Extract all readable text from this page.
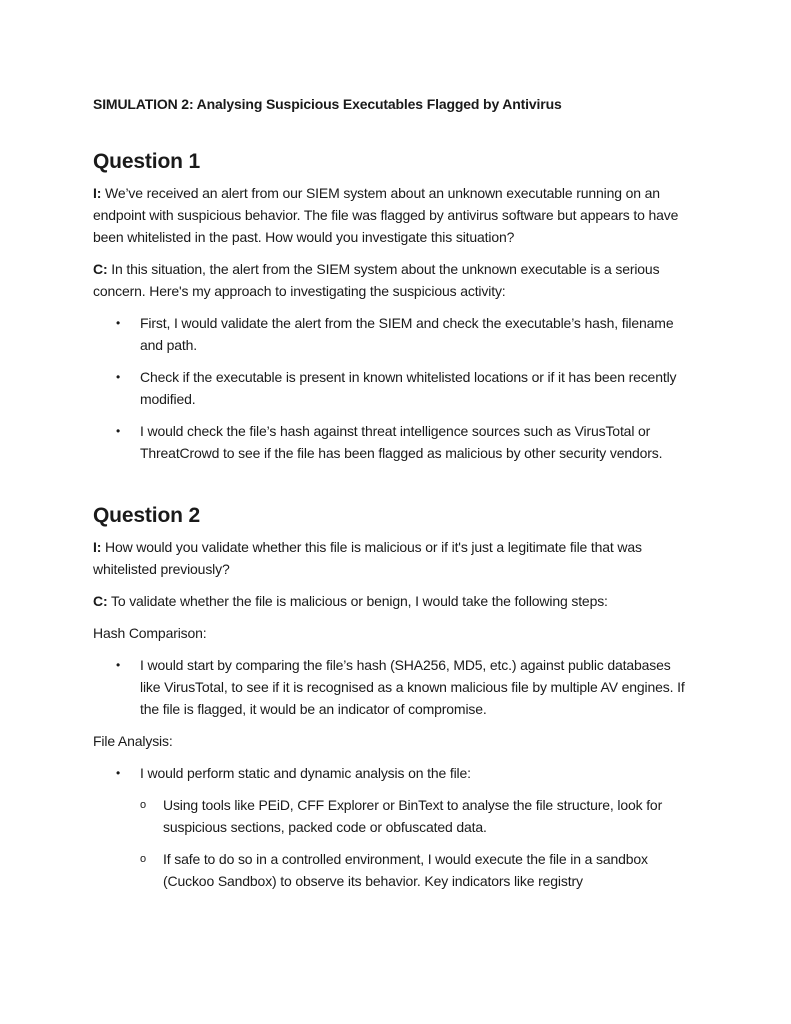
SIMULATION 2: Analysing Suspicious Executables Flagged by Antivirus
Question 1

I: We’ve received an alert from our SIEM system about an unknown executable running on an endpoint with suspicious behavior. The file was flagged by antivirus software but appears to have been whitelisted in the past. How would you investigate this situation?

C: In this situation, the alert from the SIEM system about the unknown executable is a serious concern. Here's my approach to investigating the suspicious activity:

• First, I would validate the alert from the SIEM and check the executable’s hash, filename and path.
• Check if the executable is present in known whitelisted locations or if it has been recently modified.
• I would check the file’s hash against threat intelligence sources such as VirusTotal or ThreatCrowd to see if the file has been flagged as malicious by other security vendors.
Question 2

I: How would you validate whether this file is malicious or if it's just a legitimate file that was whitelisted previously?

C: To validate whether the file is malicious or benign, I would take the following steps:

Hash Comparison:

• I would start by comparing the file’s hash (SHA256, MD5, etc.) against public databases like VirusTotal, to see if it is recognised as a known malicious file by multiple AV engines. If the file is flagged, it would be an indicator of compromise.

File Analysis:

• I would perform static and dynamic analysis on the file:
o Using tools like PEiD, CFF Explorer or BinText to analyse the file structure, look for suspicious sections, packed code or obfuscated data.
o If safe to do so in a controlled environment, I would execute the file in a sandbox (Cuckoo Sandbox) to observe its behavior. Key indicators like registry
